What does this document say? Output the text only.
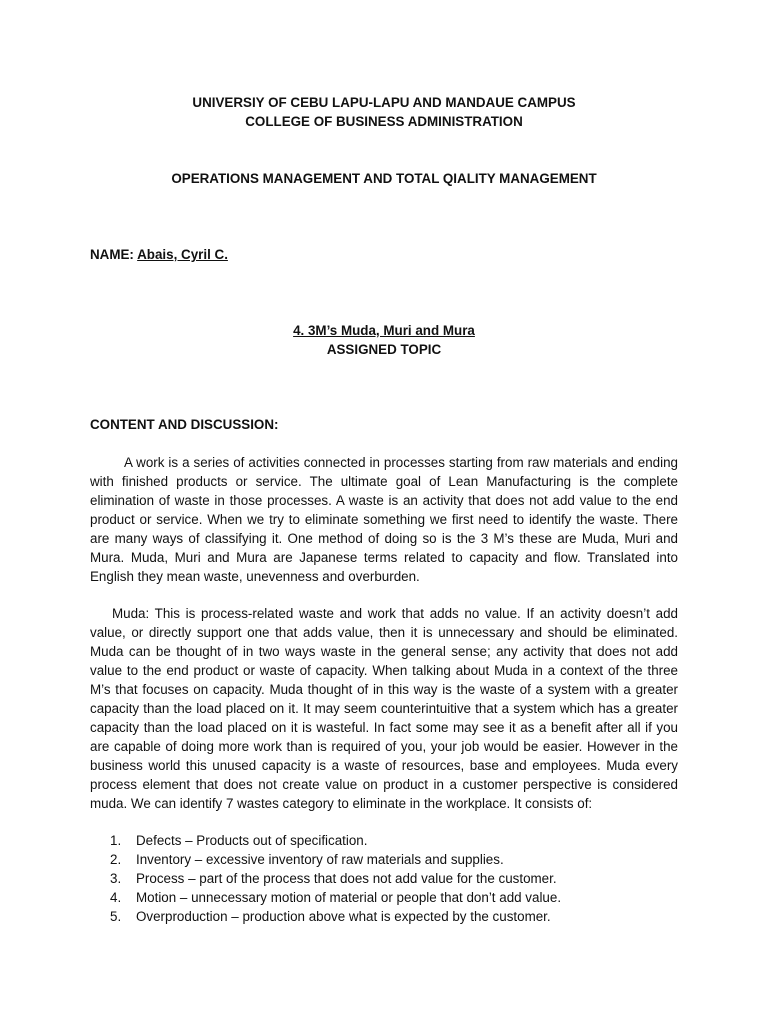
UNIVERSIY OF CEBU LAPU-LAPU AND MANDAUE CAMPUS
COLLEGE OF BUSINESS ADMINISTRATION
OPERATIONS MANAGEMENT AND TOTAL QIALITY MANAGEMENT
NAME: Abais, Cyril C.
4. 3M’s Muda, Muri and Mura
ASSIGNED TOPIC
CONTENT AND DISCUSSION:

A work is a series of activities connected in processes starting from raw materials and ending with finished products or service. The ultimate goal of Lean Manufacturing is the complete elimination of waste in those processes. A waste is an activity that does not add value to the end product or service. When we try to eliminate something we first need to identify the waste. There are many ways of classifying it. One method of doing so is the 3 M’s these are Muda, Muri and Mura. Muda, Muri and Mura are Japanese terms related to capacity and flow. Translated into English they mean waste, unevenness and overburden.

Muda: This is process-related waste and work that adds no value. If an activity doesn’t add value, or directly support one that adds value, then it is unnecessary and should be eliminated. Muda can be thought of in two ways waste in the general sense; any activity that does not add value to the end product or waste of capacity. When talking about Muda in a context of the three M’s that focuses on capacity. Muda thought of in this way is the waste of a system with a greater capacity than the load placed on it. It may seem counterintuitive that a system which has a greater capacity than the load placed on it is wasteful. In fact some may see it as a benefit after all if you are capable of doing more work than is required of you, your job would be easier. However in the business world this unused capacity is a waste of resources, base and employees. Muda every process element that does not create value on product in a customer perspective is considered muda. We can identify 7 wastes category to eliminate in the workplace. It consists of:

1.	Defects – Products out of specification.
2.	Inventory – excessive inventory of raw materials and supplies.
3.	Process – part of the process that does not add value for the customer.
4.	Motion – unnecessary motion of material or people that don’t add value.
5.	Overproduction – production above what is expected by the customer.
